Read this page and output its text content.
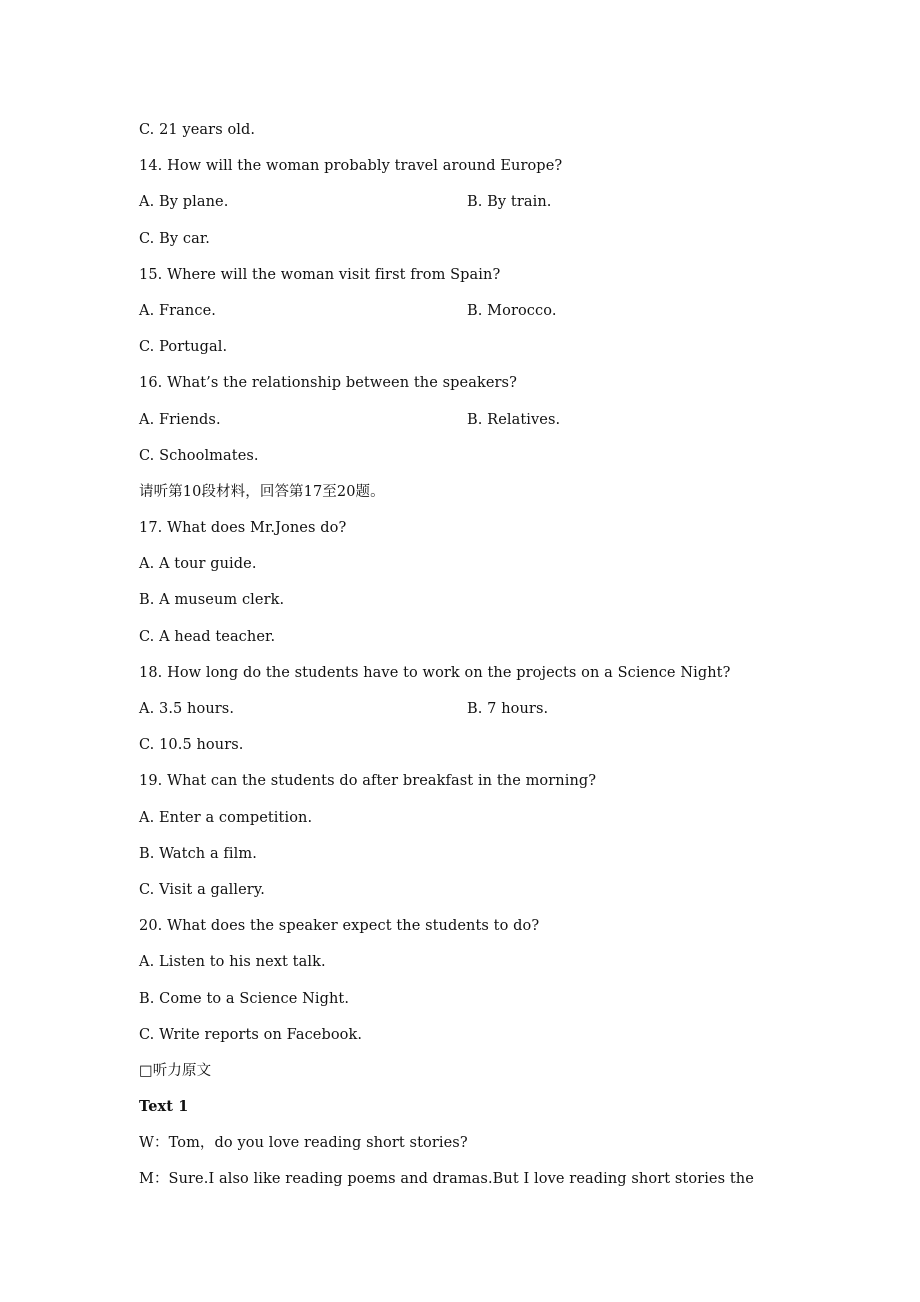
C. 21 years old.
14. How will the woman probably travel around Europe?
A. By plane.	B. By train.
C. By car.
15. Where will the woman visit first from Spain?
A. France.	B. Morocco.
C. Portugal.
16. What’s the relationship between the speakers?
A. Friends.	B. Relatives.
C. Schoolmates.
请听第10段材料，回答第17至20题。
17. What does Mr.Jones do?
A. A tour guide.
B. A museum clerk.
C. A head teacher.
18. How long do the students have to work on the projects on a Science Night?
A. 3.5 hours.	B. 7 hours.
C. 10.5 hours.
19. What can the students do after breakfast in the morning?
A. Enter a competition.
B. Watch a film.
C. Visit a gallery.
20. What does the speaker expect the students to do?
A. Listen to his next talk.
B. Come to a Science Night.
C. Write reports on Facebook.
□听力原文
Text 1
W：Tom，do you love reading short stories?
M：Sure.I also like reading poems and dramas.But I love reading short stories the
